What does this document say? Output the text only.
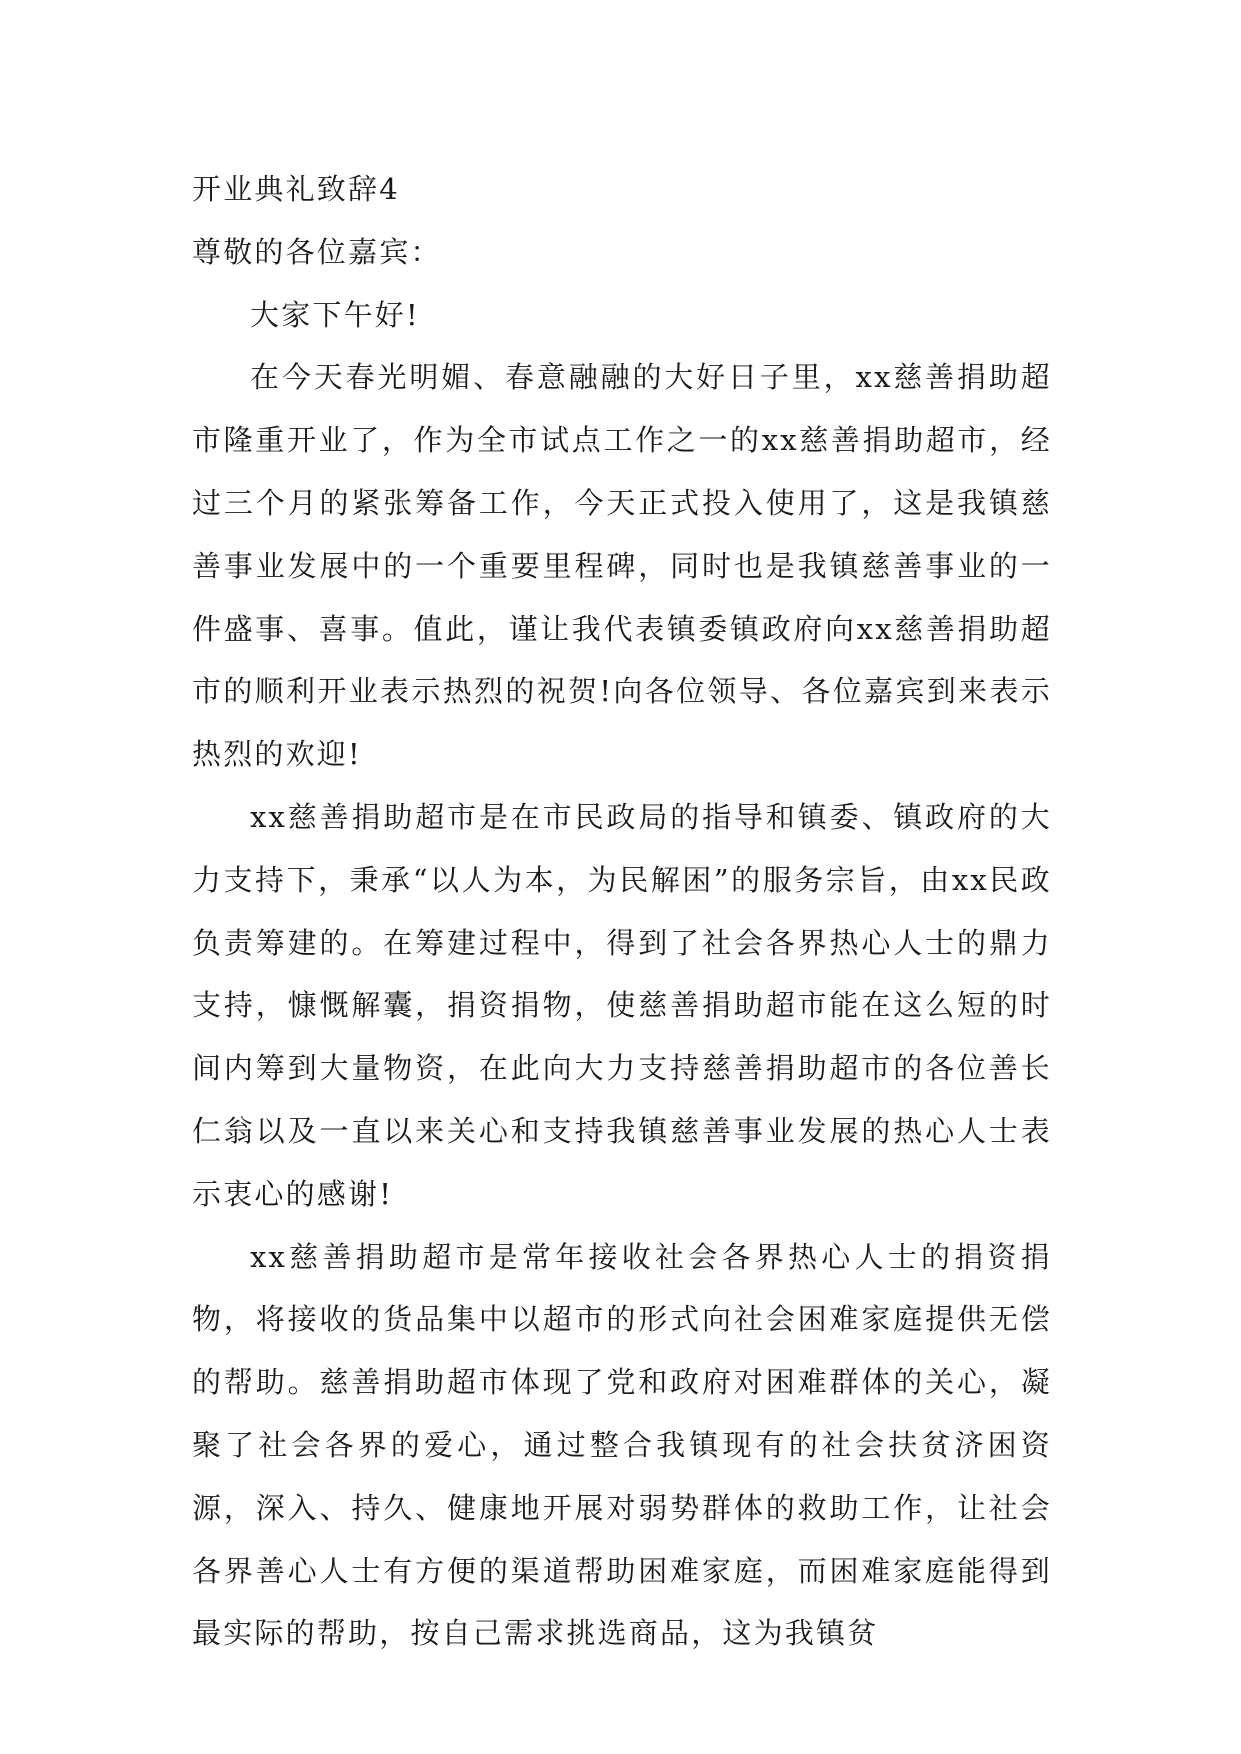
开业典礼致辞4

尊敬的各位嘉宾：

大家下午好!

在今天春光明媚、春意融融的大好日子里，xx慈善捐助超市隆重开业了，作为全市试点工作之一的xx慈善捐助超市，经过三个月的紧张筹备工作，今天正式投入使用了，这是我镇慈善事业发展中的一个重要里程碑，同时也是我镇慈善事业的一件盛事、喜事。值此，谨让我代表镇委镇政府向xx慈善捐助超市的顺利开业表示热烈的祝贺!向各位领导、各位嘉宾到来表示热烈的欢迎!

xx慈善捐助超市是在市民政局的指导和镇委、镇政府的大力支持下，秉承“以人为本，为民解困”的服务宗旨，由xx民政负责筹建的。在筹建过程中，得到了社会各界热心人士的鼎力支持，慷慨解囊，捐资捐物，使慈善捐助超市能在这么短的时间内筹到大量物资，在此向大力支持慈善捐助超市的各位善长仁翁以及一直以来关心和支持我镇慈善事业发展的热心人士表示衷心的感谢!

xx慈善捐助超市是常年接收社会各界热心人士的捐资捐物，将接收的货品集中以超市的形式向社会困难家庭提供无偿的帮助。慈善捐助超市体现了党和政府对困难群体的关心，凝聚了社会各界的爱心，通过整合我镇现有的社会扶贫济困资源，深入、持久、健康地开展对弱势群体的救助工作，让社会各界善心人士有方便的渠道帮助困难家庭，而困难家庭能得到最实际的帮助，按自己需求挑选商品，这为我镇贫
